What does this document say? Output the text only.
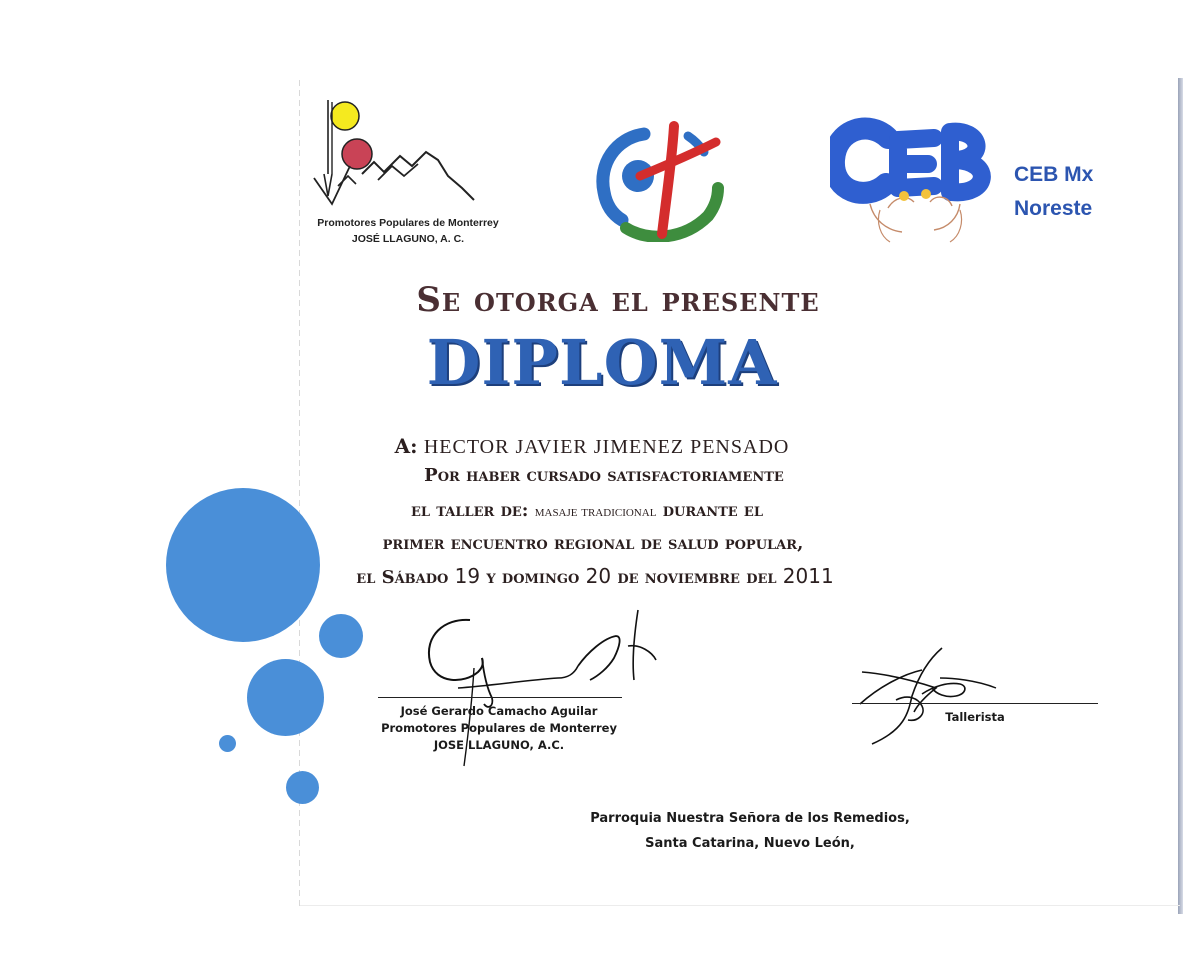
Promotores Populares de Monterrey
JOSÉ LLAGUNO, A. C.
CEB Mx
Noreste
Se otorga el presente
DIPLOMA
A: HECTOR JAVIER JIMENEZ PENSADO
Por haber cursado satisfactoriamente
el taller de: masaje tradicional durante el
primer encuentro regional de salud popular,
el Sábado 19 y domingo 20 de noviembre del 2011
José Gerardo Camacho Aguilar
Promotores Populares de Monterrey
JOSE LLAGUNO, A.C.
Tallerista
Parroquia Nuestra Señora de los Remedios,
Santa Catarina, Nuevo León,
